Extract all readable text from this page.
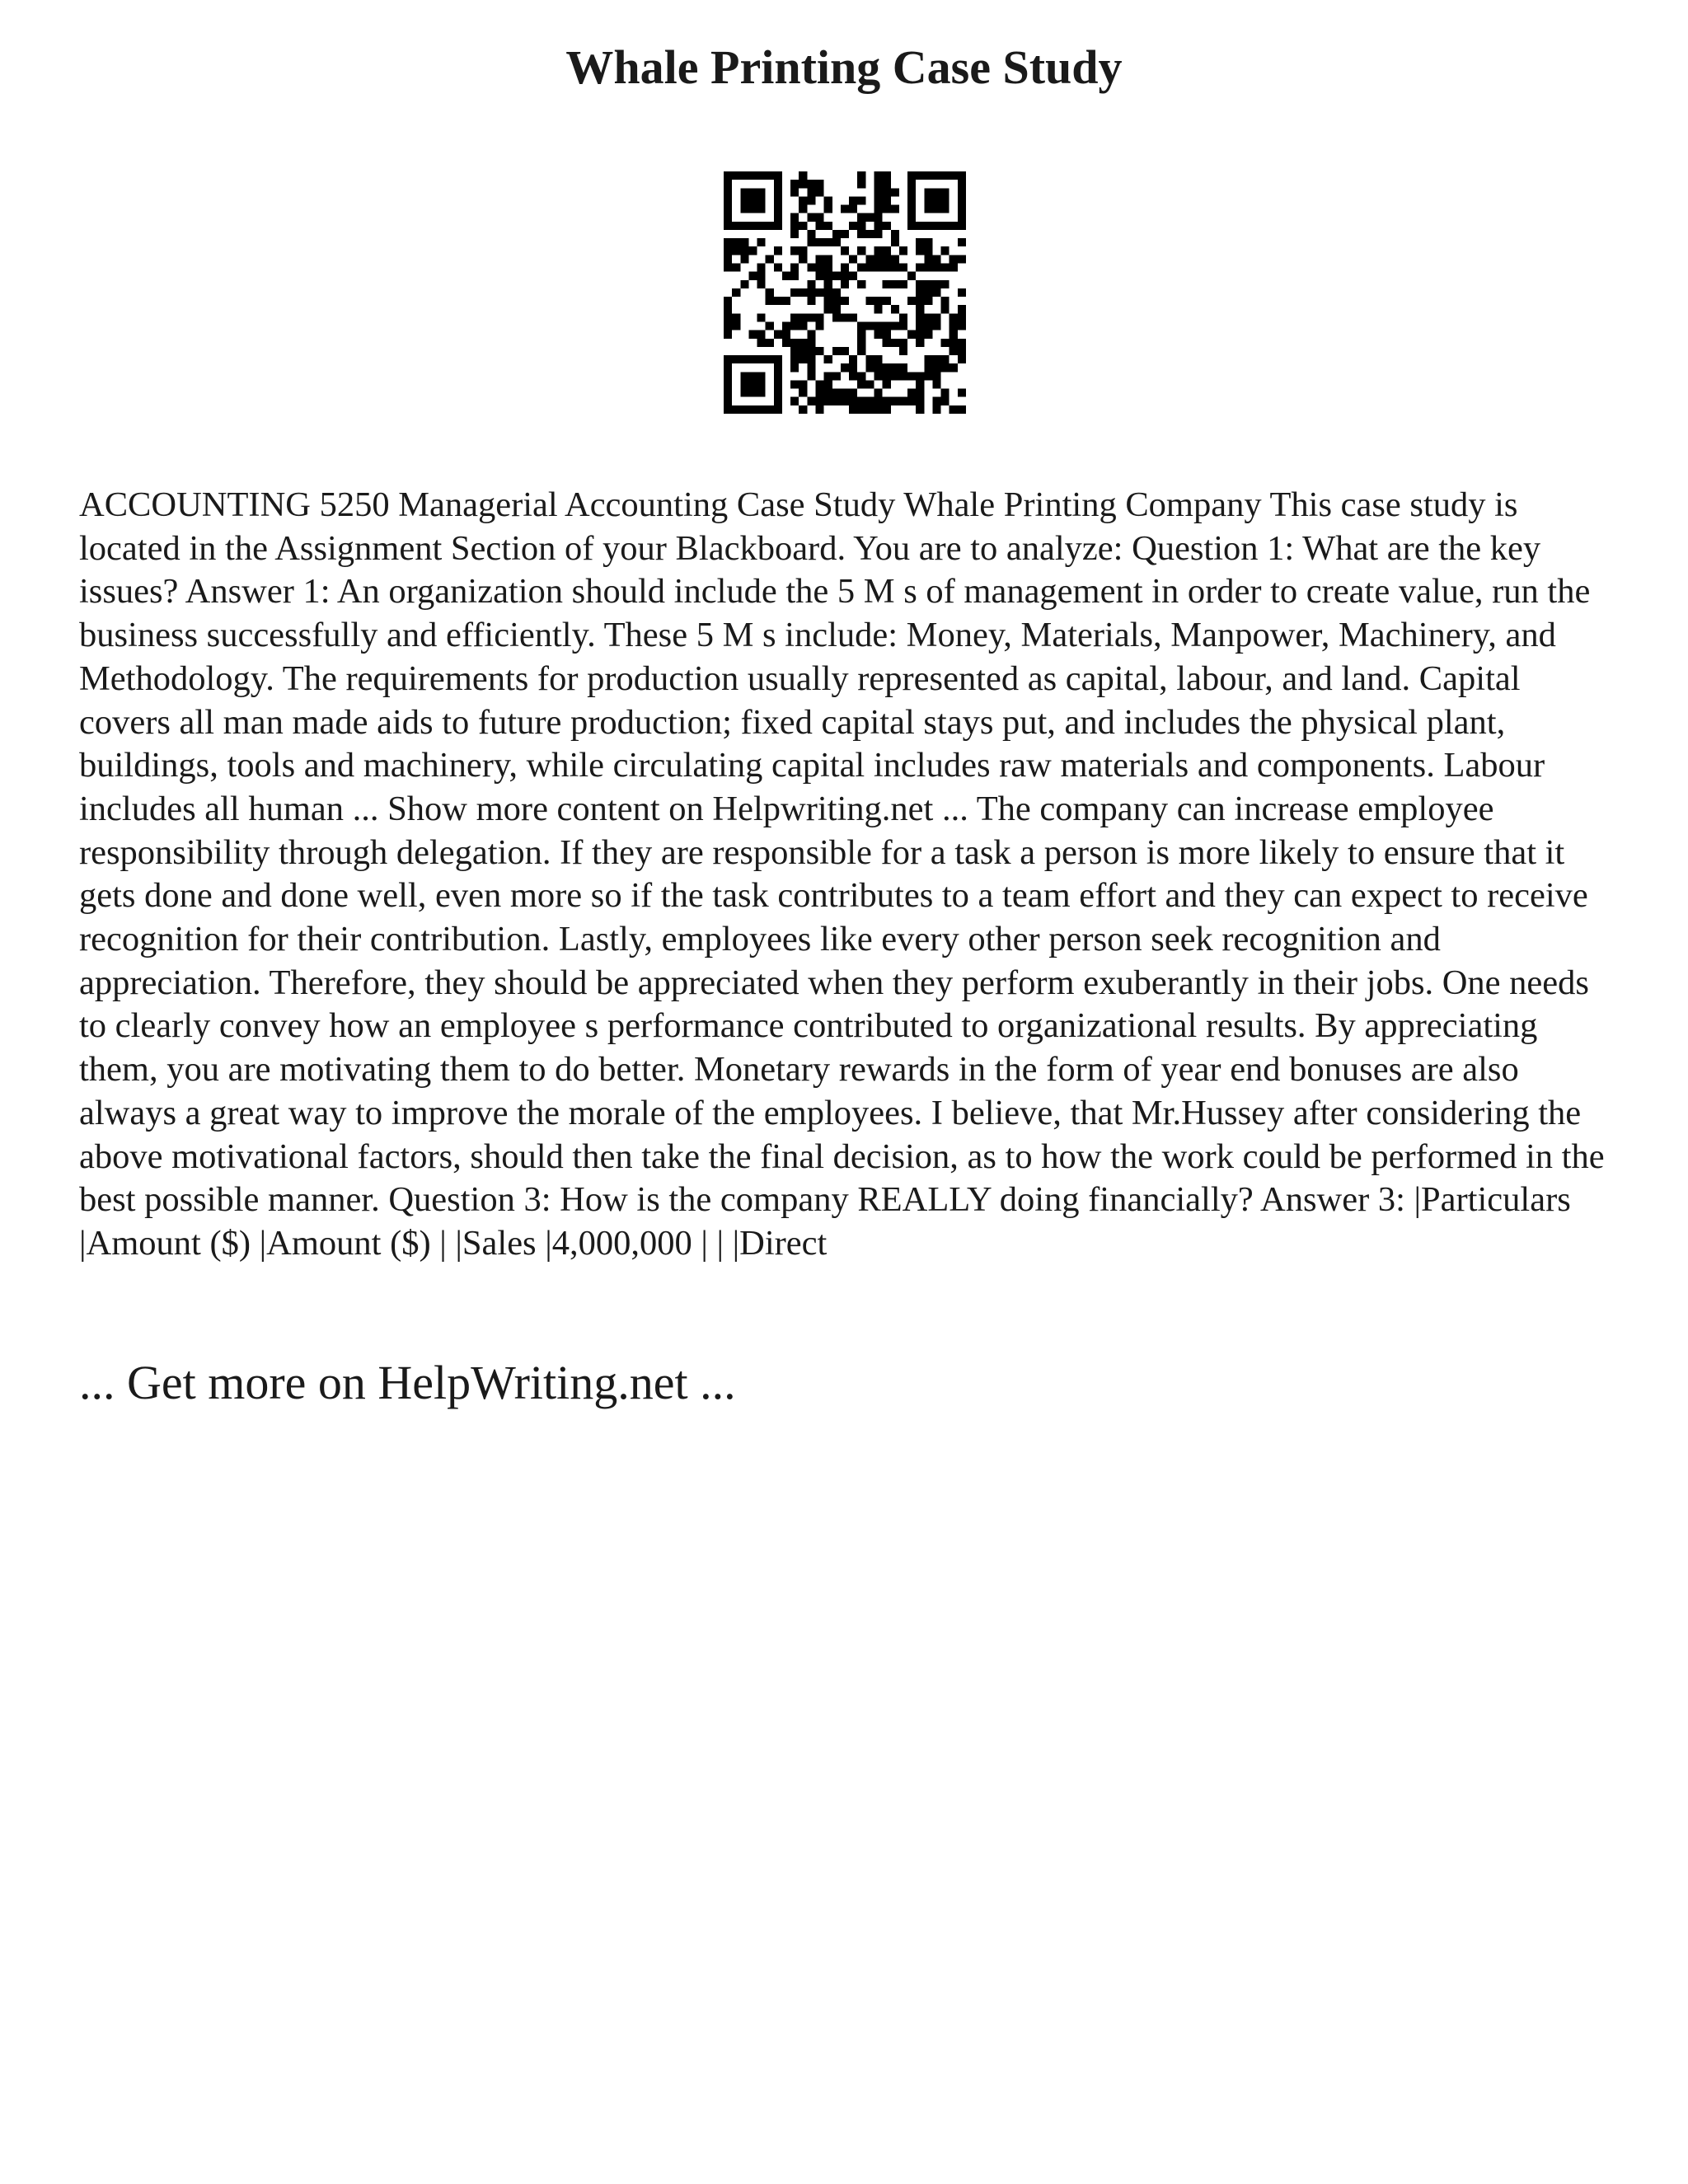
Whale Printing Case Study

ACCOUNTING 5250 Managerial Accounting Case Study Whale Printing Company This case study is located in the Assignment Section of your Blackboard. You are to analyze: Question 1: What are the key issues? Answer 1: An organization should include the 5 M s of management in order to create value, run the business successfully and efficiently. These 5 M s include: Money, Materials, Manpower, Machinery, and Methodology. The requirements for production usually represented as capital, labour, and land. Capital covers all man made aids to future production; fixed capital stays put, and includes the physical plant, buildings, tools and machinery, while circulating capital includes raw materials and components. Labour includes all human ... Show more content on Helpwriting.net ... The company can increase employee responsibility through delegation. If they are responsible for a task a person is more likely to ensure that it gets done and done well, even more so if the task contributes to a team effort and they can expect to receive recognition for their contribution. Lastly, employees like every other person seek recognition and appreciation. Therefore, they should be appreciated when they perform exuberantly in their jobs. One needs to clearly convey how an employee s performance contributed to organizational results. By appreciating them, you are motivating them to do better. Monetary rewards in the form of year end bonuses are also always a great way to improve the morale of the employees. I believe, that Mr.Hussey after considering the above motivational factors, should then take the final decision, as to how the work could be performed in the best possible manner. Question 3: How is the company REALLY doing financially? Answer 3: |Particulars |Amount ($) |Amount ($) | |Sales |4,000,000 | | |Direct

... Get more on HelpWriting.net ...
